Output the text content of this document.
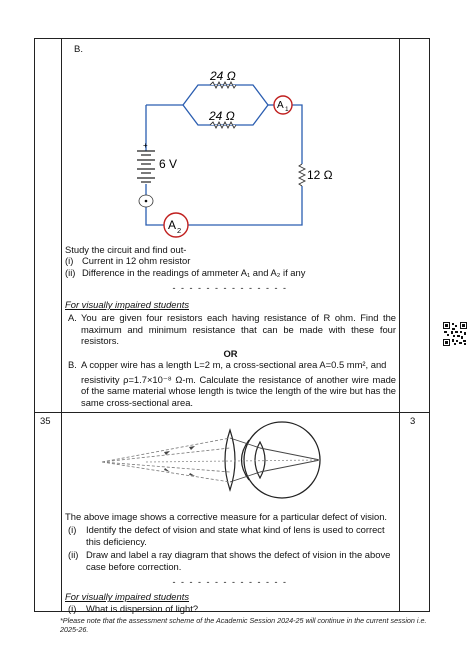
B.
+
24 Ω
24 Ω
12 Ω
6 V
A 1
A 2
Study the circuit and find out-
(i) Current in 12 ohm resistor
(ii) Difference in the readings of ammeter A₁ and A₂ if any
- - - - - - - - - - - - - -
For visually impaired students
A. You are given four resistors each having resistance of R ohm. Find the maximum and minimum resistance that can be made with these four resistors.
OR
B. A copper wire has a length L=2 m, a cross-sectional area A=0.5 mm², and

resistivity ρ=1.7×10⁻⁸ Ω-m. Calculate the resistance of another wire made of the same material whose length is twice the length of the wire but has the same cross-sectional area.
35	3
The above image shows a corrective measure for a particular defect of vision.
(i)	Identify the defect of vision and state what kind of lens is used to correct this deficiency.
(ii) Draw and label a ray diagram that shows the defect of vision in the above case before correction.
- - - - - - - - - - - - - -
For visually impaired students
(i)	What is dispersion of light?
*Please note that the assessment scheme of the Academic Session 2024-25 will continue in the current session i.e. 2025-26.
